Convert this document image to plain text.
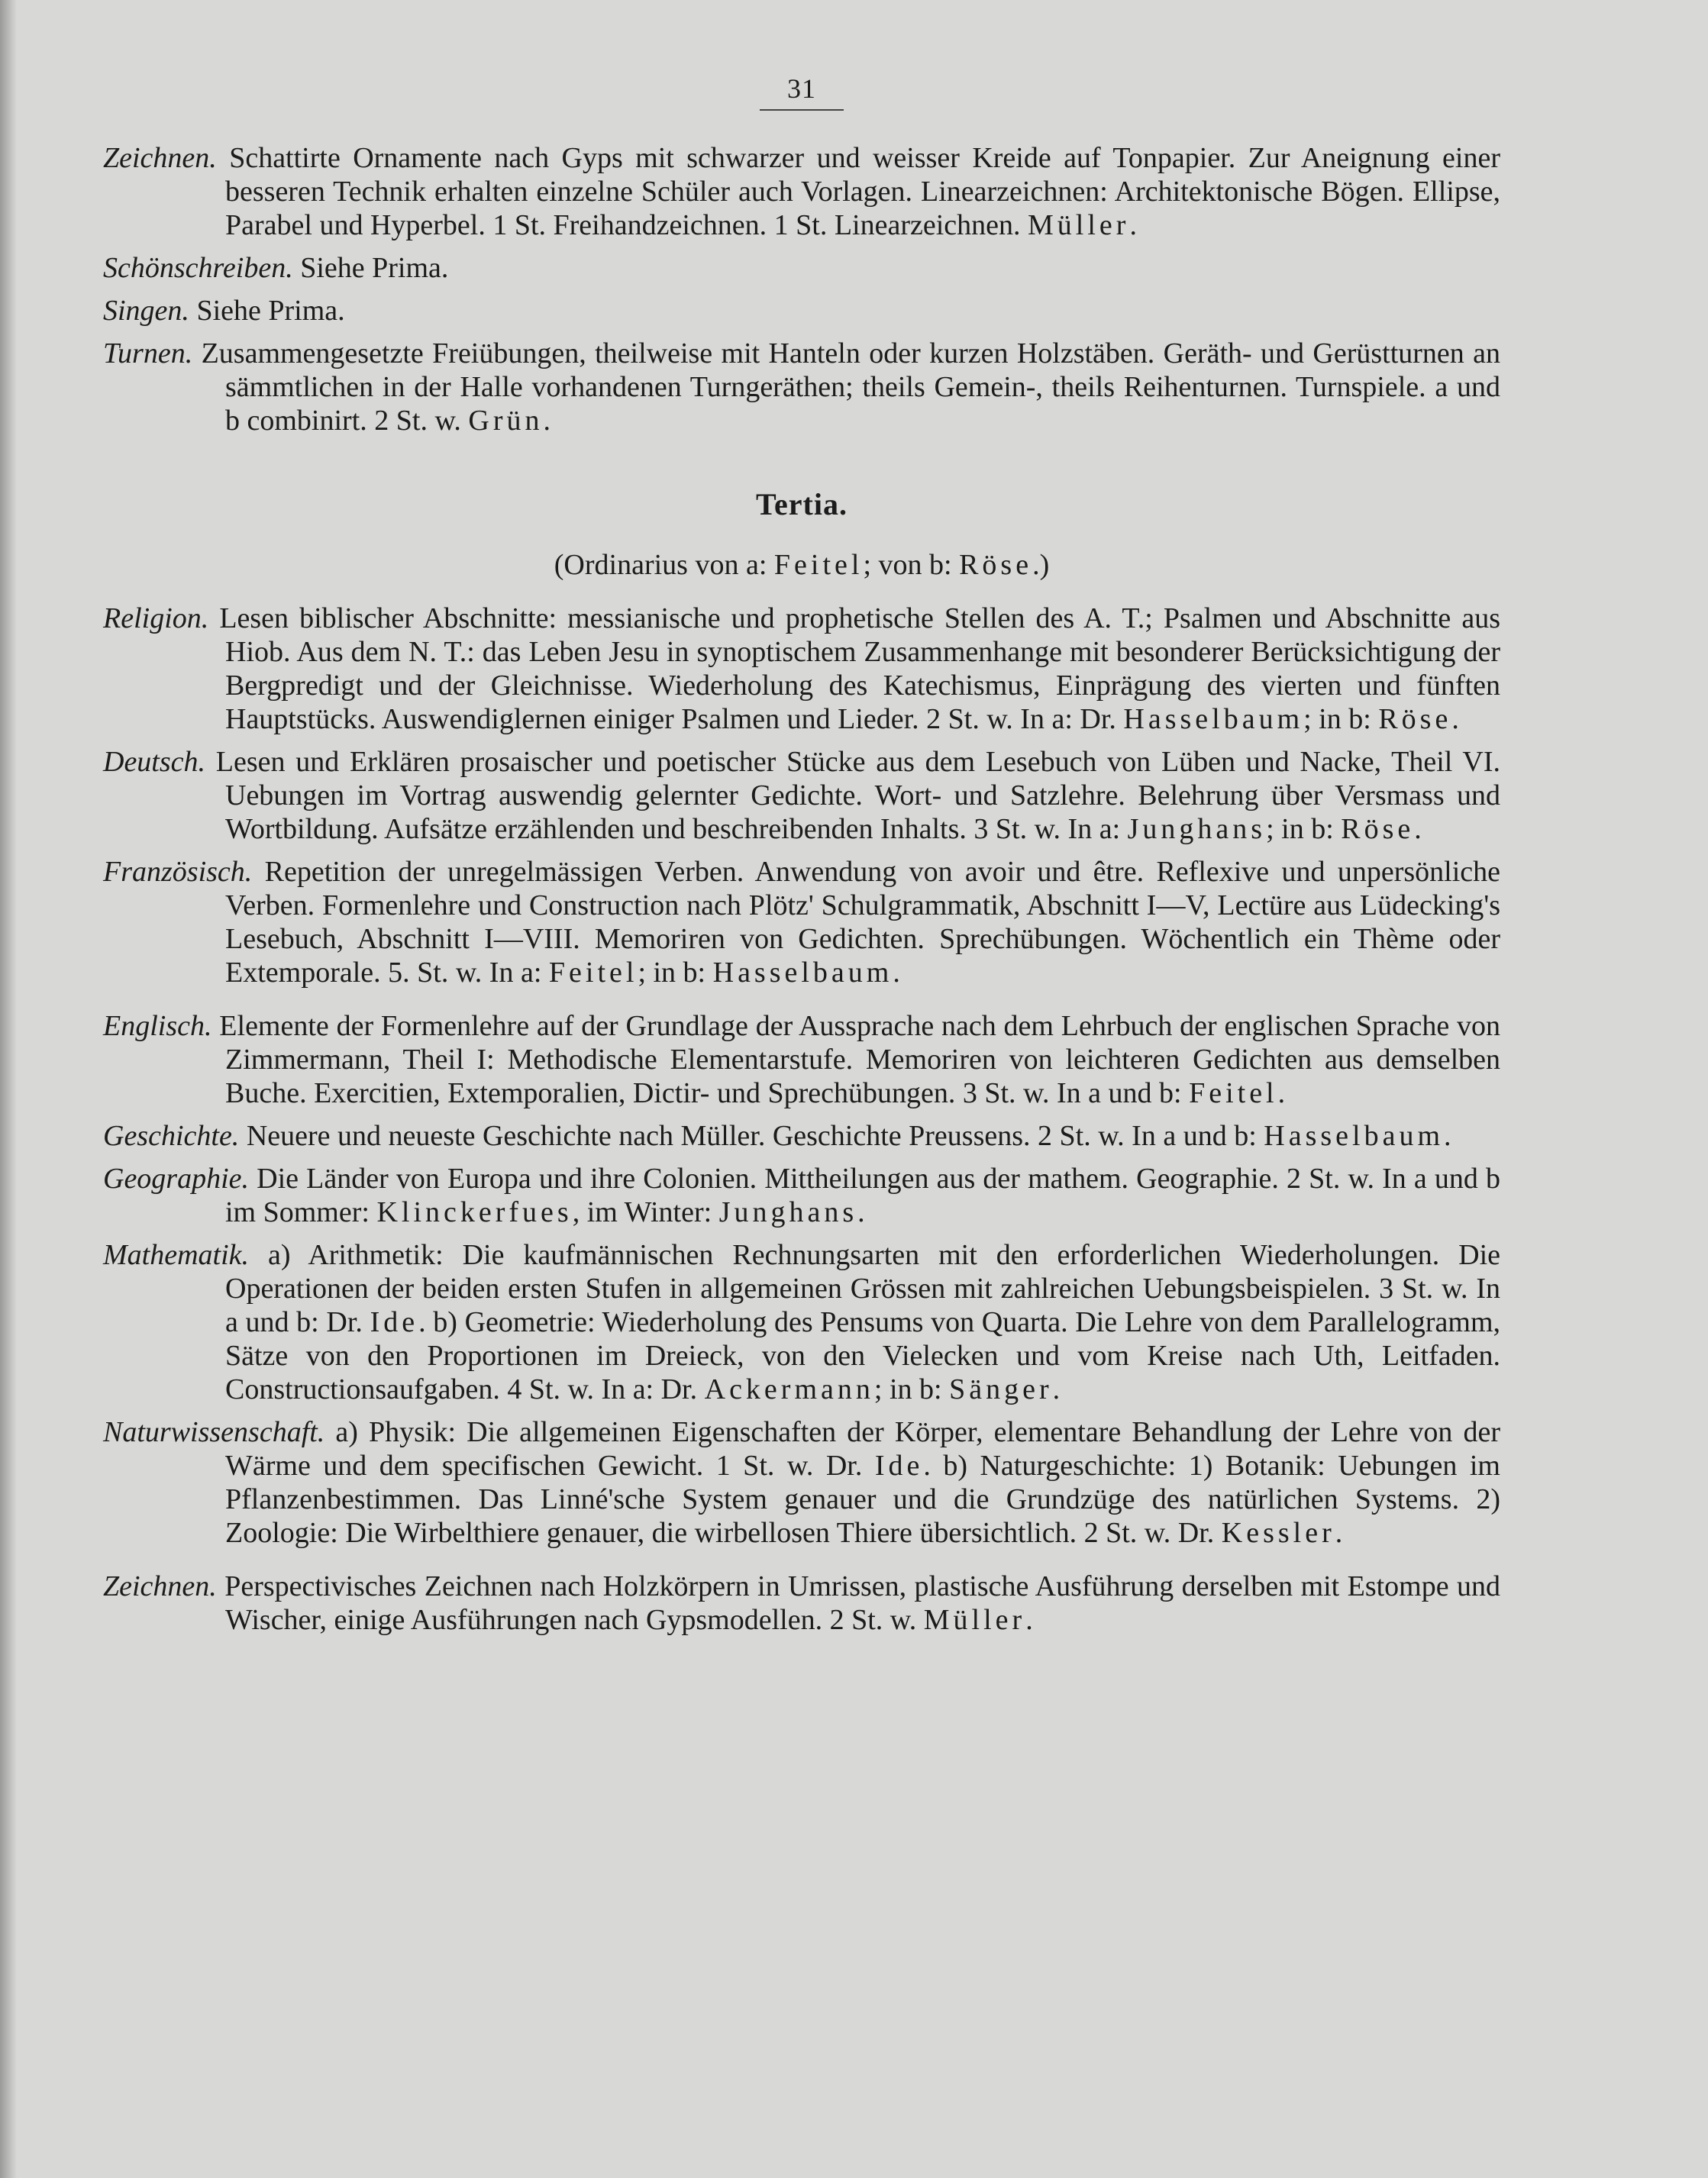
31

Zeichnen. Schattirte Ornamente nach Gyps mit schwarzer und weisser Kreide auf Tonpapier. Zur Aneignung einer besseren Technik erhalten einzelne Schüler auch Vorlagen. Linearzeichnen: Architektonische Bögen. Ellipse, Parabel und Hyperbel. 1 St. Freihandzeichnen. 1 St. Linearzeichnen. Müller.

Schönschreiben. Siehe Prima.

Singen. Siehe Prima.

Turnen. Zusammengesetzte Freiübungen, theilweise mit Hanteln oder kurzen Holzstäben. Geräth- und Gerüstturnen an sämmtlichen in der Halle vorhandenen Turngeräthen; theils Gemein-, theils Reihenturnen. Turnspiele. a und b combinirt. 2 St. w. Grün.

Tertia.
(Ordinarius von a: Feitel; von b: Röse.)

Religion. Lesen biblischer Abschnitte: messianische und prophetische Stellen des A. T.; Psalmen und Abschnitte aus Hiob. Aus dem N. T.: das Leben Jesu in synoptischem Zusammenhange mit besonderer Berücksichtigung der Bergpredigt und der Gleichnisse. Wiederholung des Katechismus, Einprägung des vierten und fünften Hauptstücks. Auswendiglernen einiger Psalmen und Lieder. 2 St. w. In a: Dr. Hasselbaum; in b: Röse.

Deutsch. Lesen und Erklären prosaischer und poetischer Stücke aus dem Lesebuch von Lüben und Nacke, Theil VI. Uebungen im Vortrag auswendig gelernter Gedichte. Wort- und Satzlehre. Belehrung über Versmass und Wortbildung. Aufsätze erzählenden und beschreibenden Inhalts. 3 St. w. In a: Junghans; in b: Röse.

Französisch. Repetition der unregelmässigen Verben. Anwendung von avoir und être. Reflexive und unpersönliche Verben. Formenlehre und Construction nach Plötz' Schulgrammatik, Abschnitt I—V, Lectüre aus Lüdecking's Lesebuch, Abschnitt I—VIII. Memoriren von Gedichten. Sprechübungen. Wöchentlich ein Thème oder Extemporale. 5. St. w. In a: Feitel; in b: Hasselbaum.

Englisch. Elemente der Formenlehre auf der Grundlage der Aussprache nach dem Lehrbuch der englischen Sprache von Zimmermann, Theil I: Methodische Elementarstufe. Memoriren von leichteren Gedichten aus demselben Buche. Exercitien, Extemporalien, Dictir- und Sprechübungen. 3 St. w. In a und b: Feitel.

Geschichte. Neuere und neueste Geschichte nach Müller. Geschichte Preussens. 2 St. w. In a und b: Hasselbaum.

Geographie. Die Länder von Europa und ihre Colonien. Mittheilungen aus der mathem. Geographie. 2 St. w. In a und b im Sommer: Klinckerfues, im Winter: Junghans.

Mathematik. a) Arithmetik: Die kaufmännischen Rechnungsarten mit den erforderlichen Wiederholungen. Die Operationen der beiden ersten Stufen in allgemeinen Grössen mit zahlreichen Uebungsbeispielen. 3 St. w. In a und b: Dr. Ide. b) Geometrie: Wiederholung des Pensums von Quarta. Die Lehre von dem Parallelogramm, Sätze von den Proportionen im Dreieck, von den Vielecken und vom Kreise nach Uth, Leitfaden. Constructionsaufgaben. 4 St. w. In a: Dr. Ackermann; in b: Sänger.

Naturwissenschaft. a) Physik: Die allgemeinen Eigenschaften der Körper, elementare Behandlung der Lehre von der Wärme und dem specifischen Gewicht. 1 St. w. Dr. Ide. b) Naturgeschichte: 1) Botanik: Uebungen im Pflanzenbestimmen. Das Linné'sche System genauer und die Grundzüge des natürlichen Systems. 2) Zoologie: Die Wirbelthiere genauer, die wirbellosen Thiere übersichtlich. 2 St. w. Dr. Kessler.

Zeichnen. Perspectivisches Zeichnen nach Holzkörpern in Umrissen, plastische Ausführung derselben mit Estompe und Wischer, einige Ausführungen nach Gypsmodellen. 2 St. w. Müller.
